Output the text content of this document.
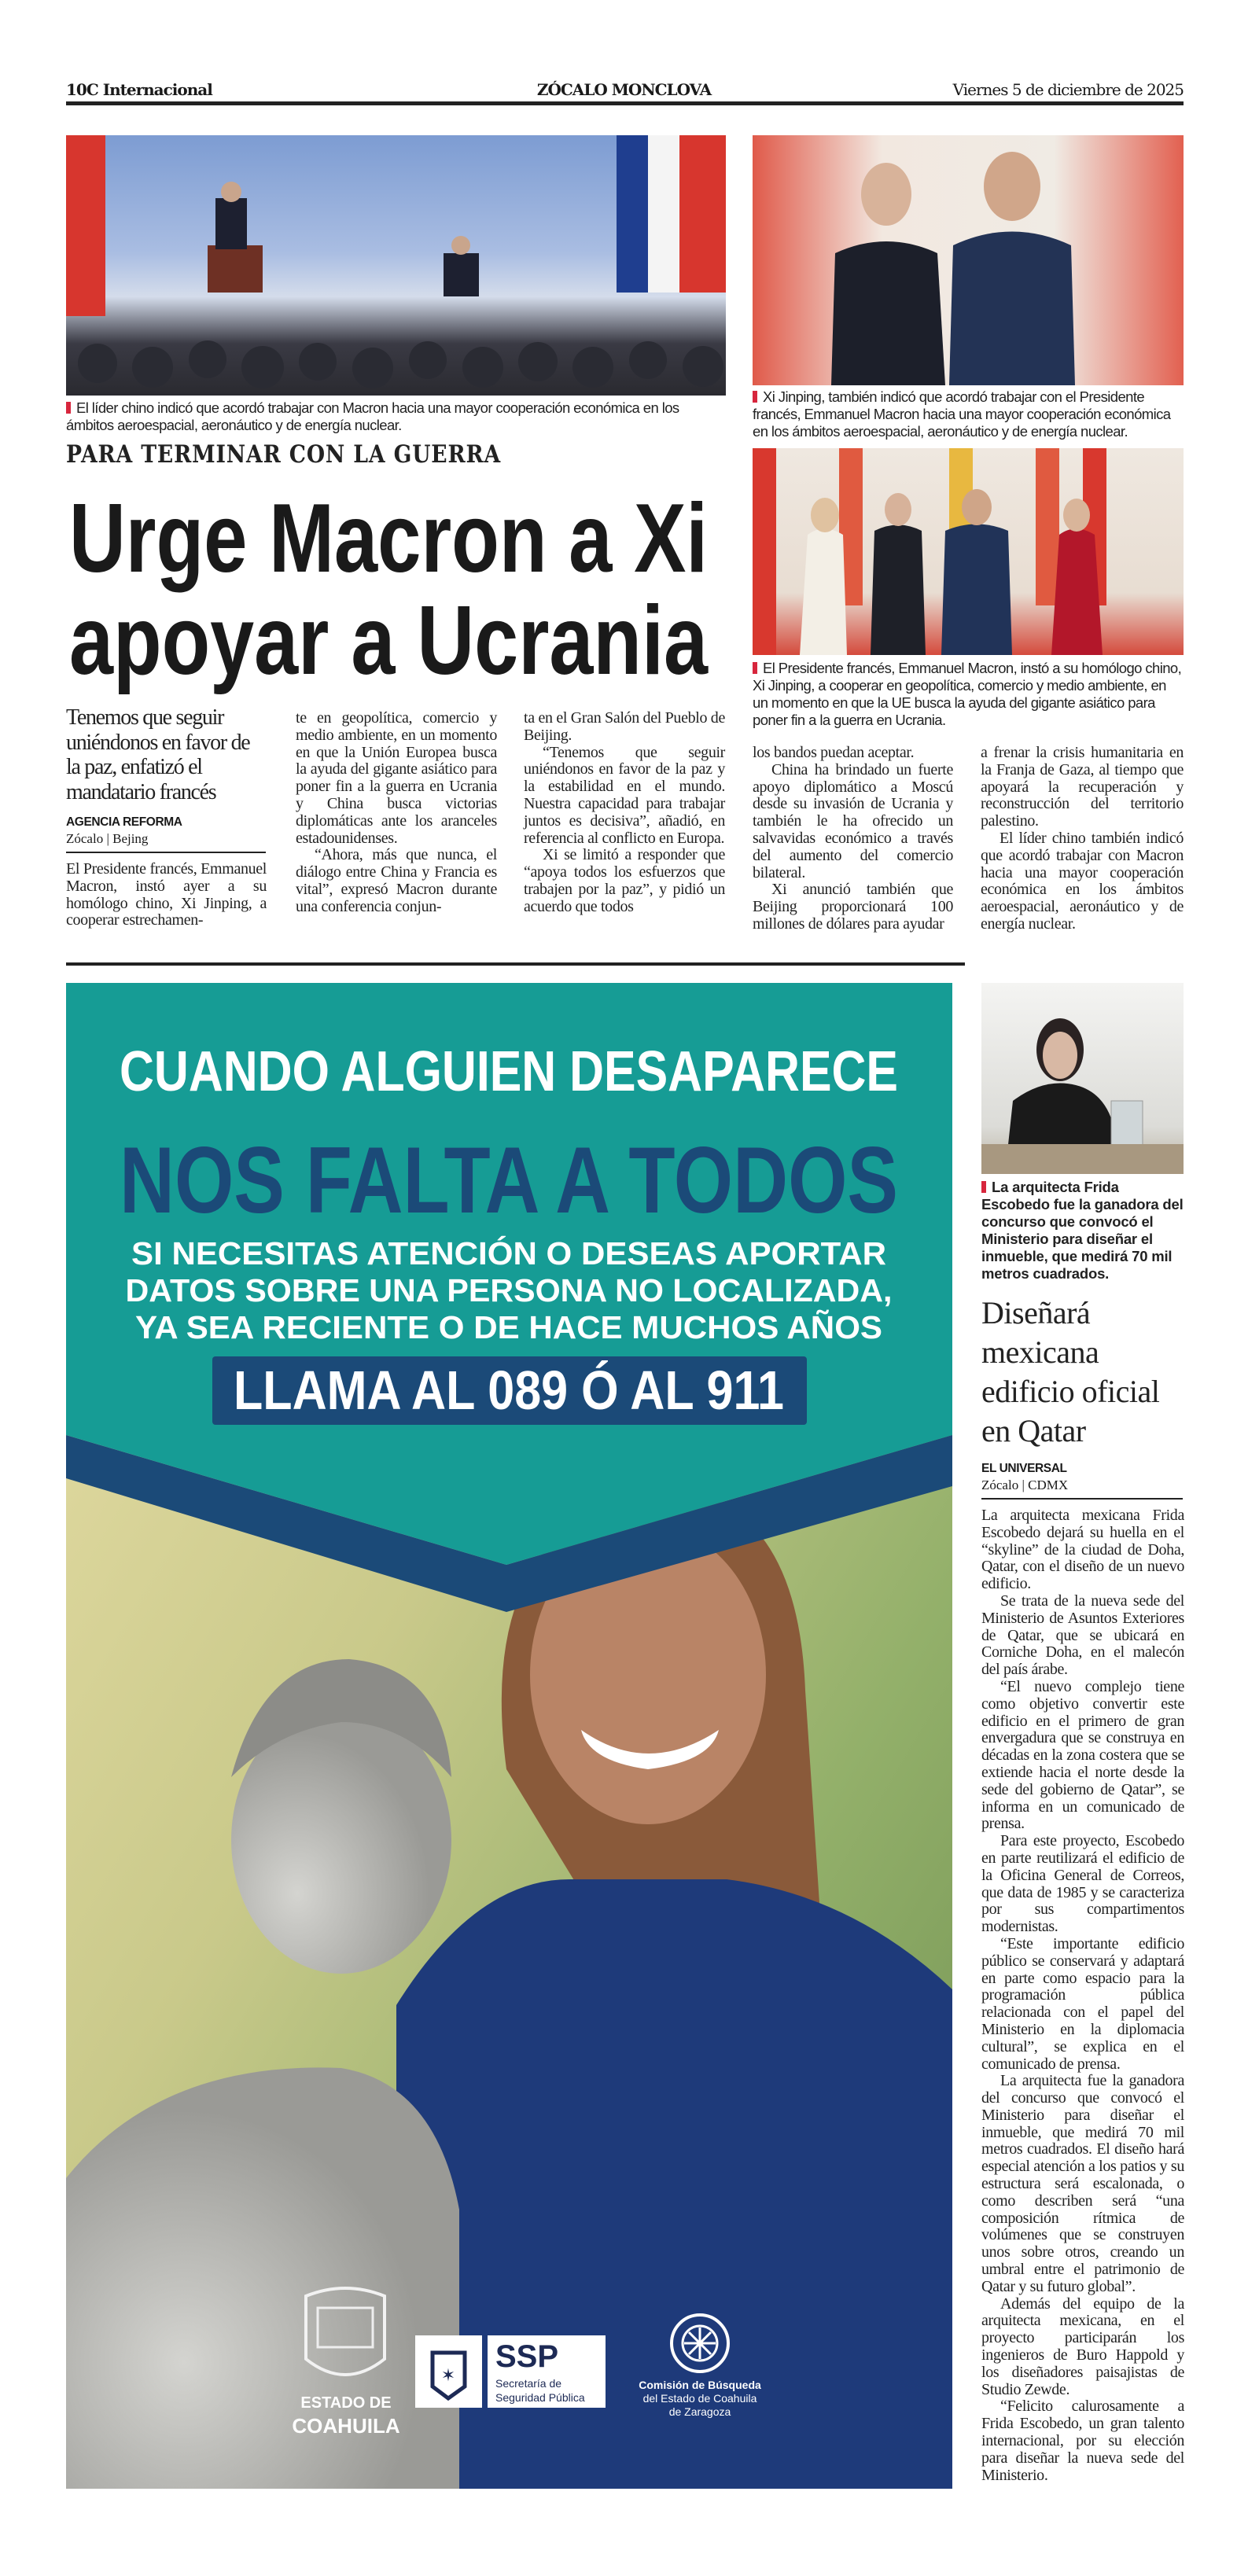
10C Internacional	ZÓCALO MONCLOVA	Viernes 5 de diciembre de 2025
El líder chino indicó que acordó trabajar con Macron hacia una mayor cooperación económica en los ámbitos aeroespacial, aeronáutico y de energía nuclear.
Xi Jinping, también indicó que acordó trabajar con el Presidente francés, Emmanuel Macron hacia una mayor cooperación económica en los ámbitos aeroespacial, aeronáutico y de energía nuclear.
PARA TERMINAR CON LA GUERRA
Urge Macron a Xi
apoyar a Ucrania	El Presidente francés, Emmanuel Macron, instó a su homólogo chino, Xi Jinping, a cooperar en geopolítica, comercio y medio ambiente, en un momento en que la UE busca la ayuda del gigante asiático para poner fin a la guerra en Ucrania.
Tenemos que seguir uniéndonos en favor de la paz, enfatizó el mandatario francés
AGENCIA REFORMA
Zócalo | Bejing

El Presidente francés, Emmanuel Macron, instó ayer a su homólogo chino, Xi Jinping, a cooperar estrechamen-

te en geopolítica, comercio y medio ambiente, en un momento en que la Unión Europea busca la ayuda del gigante asiático para poner fin a la guerra en Ucrania y China busca victorias diplomáticas ante los aranceles estadounidenses.

“Ahora, más que nunca, el diálogo entre China y Francia es vital”, expresó Macron durante una conferencia conjun-

ta en el Gran Salón del Pueblo de Beijing.

“Tenemos que seguir uniéndonos en favor de la paz y la estabilidad en el mundo. Nuestra capacidad para trabajar juntos es decisiva”, añadió, en referencia al conflicto en Europa.

Xi se limitó a responder que “apoya todos los esfuerzos que trabajen por la paz”, y pidió un acuerdo que todos

los bandos puedan aceptar.

China ha brindado un fuerte apoyo diplomático a Moscú desde su invasión de Ucrania y también le ha ofrecido un salvavidas económico a través del aumento del comercio bilateral.

Xi anunció también que Beijing proporcionará 100 millones de dólares para ayudar

a frenar la crisis humanitaria en la Franja de Gaza, al tiempo que apoyará la recuperación y reconstrucción del territorio palestino.

El líder chino también indicó que acordó trabajar con Macron hacia una mayor cooperación económica en los ámbitos aeroespacial, aeronáutico y de energía nuclear.

CUANDO ALGUIEN DESAPARECE
NOS FALTA A TODOS
SI NECESITAS ATENCIÓN O DESEAS APORTAR
DATOS SOBRE UNA PERSONA NO LOCALIZADA,
YA SEA RECIENTE O DE HACE MUCHOS AÑOS
LLAMA AL 089 Ó AL 911
ESTADO DE
COAHUILA
✶
SSP
Secretaría de
Seguridad Pública
Comisión de Búsqueda
del Estado de Coahuila
de Zaragoza
La arquitecta Frida Escobedo fue la ganadora del concurso que convocó el Ministerio para diseñar el inmueble, que medirá 70 mil metros cuadrados.
Diseñará mexicana edificio oficial en Qatar
EL UNIVERSAL
Zócalo | CDMX

La arquitecta mexicana Frida Escobedo dejará su huella en el “skyline” de la ciudad de Doha, Qatar, con el diseño de un nuevo edificio.

Se trata de la nueva sede del Ministerio de Asuntos Exteriores de Qatar, que se ubicará en Corniche Doha, en el malecón del país árabe.

“El nuevo complejo tiene como objetivo convertir este edificio en el primero de gran envergadura que se construya en décadas en la zona costera que se extiende hacia el norte desde la sede del gobierno de Qatar”, se informa en un comunicado de prensa.

Para este proyecto, Escobedo en parte reutilizará el edificio de la Oficina General de Correos, que data de 1985 y se caracteriza por sus compartimentos modernistas.

“Este importante edificio público se conservará y adaptará en parte como espacio para la programación pública relacionada con el papel del Ministerio en la diplomacia cultural”, se explica en el comunicado de prensa.

La arquitecta fue la ganadora del concurso que convocó el Ministerio para diseñar el inmueble, que medirá 70 mil metros cuadrados. El diseño hará especial atención a los patios y su estructura será escalonada, o como describen será “una composición rítmica de volúmenes que se construyen unos sobre otros, creando un umbral entre el patrimonio de Qatar y su futuro global”.

Además del equipo de la arquitecta mexicana, en el proyecto participarán los ingenieros de Buro Happold y los diseñadores paisajistas de Studio Zewde.

“Felicito calurosamente a Frida Escobedo, un gran talento internacional, por su elección para diseñar la nueva sede del Ministerio.
